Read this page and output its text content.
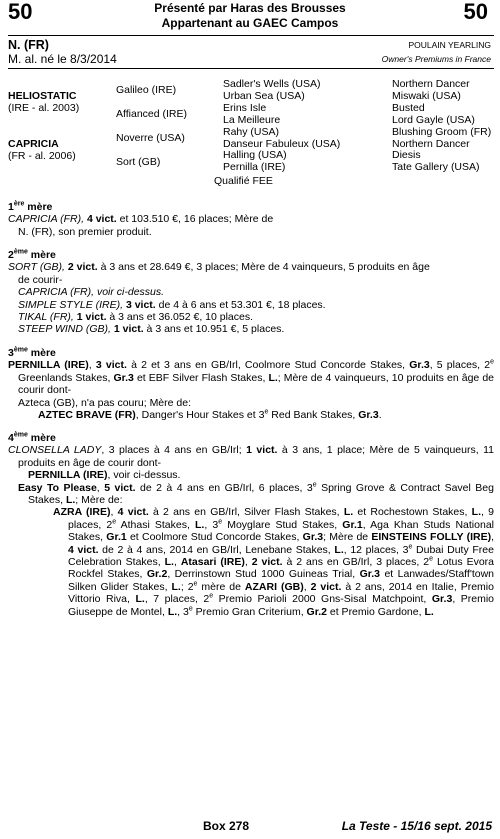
50	50
Présenté par Haras des Brousses
Appartenant au GAEC Campos
N. (FR)
M. al. né le 8/3/2014
POULAIN YEARLING
Owner's Premiums in France
HELIOSTATIC
(IRE - al. 2003)
CAPRICIA
(FR - al. 2006)
Galileo (IRE)
Affianced (IRE)
Noverre (USA)
Sort (GB)
Sadler's Wells (USA)
Urban Sea (USA)
Erins Isle
La Meilleure
Rahy (USA)
Danseur Fabuleux (USA)
Halling (USA)
Pernilla (IRE)
Qualifié FEE
Northern Dancer
Miswaki (USA)
Busted
Lord Gayle (USA)
Blushing Groom (FR)
Northern Dancer
Diesis
Tate Gallery (USA)

1ère mère

CAPRICIA (FR), 4 vict. et 103.510 €, 16 places; Mère de

N. (FR), son premier produit.

2ème mère

SORT (GB), 2 vict. à 3 ans et 28.649 €, 3 places; Mère de 4 vainqueurs, 5 produits en âge

de courir-

CAPRICIA (FR), voir ci-dessus.

SIMPLE STYLE (IRE), 3 vict. de 4 à 6 ans et 53.301 €, 18 places.

TIKAL (FR), 1 vict. à 3 ans et 36.052 €, 10 places.

STEEP WIND (GB), 1 vict. à 3 ans et 10.951 €, 5 places.

3ème mère

PERNILLA (IRE), 3 vict. à 2 et 3 ans en GB/Irl, Coolmore Stud Concorde Stakes, Gr.3, 5 places, 2e Greenlands Stakes, Gr.3 et EBF Silver Flash Stakes, L.; Mère de 4 vainqueurs, 10 produits en âge de courir dont-

Azteca (GB), n'a pas couru; Mère de:

AZTEC BRAVE (FR), Danger's Hour Stakes et 3e Red Bank Stakes, Gr.3.

4ème mère

CLONSELLA LADY, 3 places à 4 ans en GB/Irl; 1 vict. à 3 ans, 1 place; Mère de 5 vainqueurs, 11 produits en âge de courir dont-

PERNILLA (IRE), voir ci-dessus.

Easy To Please, 5 vict. de 2 à 4 ans en GB/Irl, 6 places, 3e Spring Grove & Contract Savel Beg Stakes, L.; Mère de:

AZRA (IRE), 4 vict. à 2 ans en GB/Irl, Silver Flash Stakes, L. et Rochestown Stakes, L., 9 places, 2e Athasi Stakes, L., 3e Moyglare Stud Stakes, Gr.1, Aga Khan Studs National Stakes, Gr.1 et Coolmore Stud Concorde Stakes, Gr.3; Mère de EINSTEINS FOLLY (IRE), 4 vict. de 2 à 4 ans, 2014 en GB/Irl, Lenebane Stakes, L., 12 places, 3e Dubai Duty Free Celebration Stakes, L., Atasari (IRE), 2 vict. à 2 ans en GB/Irl, 3 places, 2e Lotus Evora Rockfel Stakes, Gr.2, Derrinstown Stud 1000 Guineas Trial, Gr.3 et Lanwades/Staff'town Silken Glider Stakes, L.; 2e mère de AZARI (GB), 2 vict. à 2 ans, 2014 en Italie, Premio Vittorio Riva, L., 7 places, 2e Premio Parioli 2000 Gns-Sisal Matchpoint, Gr.3, Premio Giuseppe de Montel, L., 3e Premio Gran Criterium, Gr.2 et Premio Gardone, L.

Box 278	La Teste - 15/16 sept. 2015
